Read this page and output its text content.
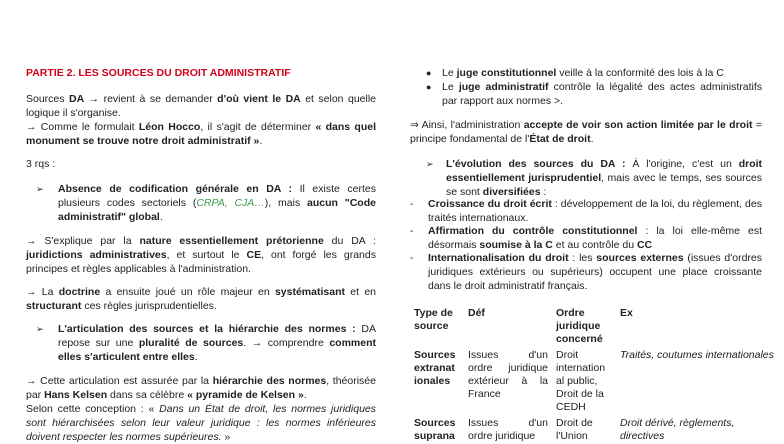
PARTIE 2. LES SOURCES DU DROIT ADMINISTRATIF
Sources DA → revient à se demander d'où vient le DA et selon quelle logique il s'organise.
→ Comme le formulait Léon Hocco, il s'agit de déterminer « dans quel monument se trouve notre droit administratif ».
3 rqs :
➢ Absence de codification générale en DA : Il existe certes plusieurs codes sectoriels (CRPA, CJA…), mais aucun "Code administratif" global.
→ S'explique par la nature essentiellement prétorienne du DA : juridictions administratives, et surtout le CE, ont forgé les grands principes et règles applicables à l'administration.
→ La doctrine a ensuite joué un rôle majeur en systématisant et en structurant ces règles jurisprudentielles.
➢ L'articulation des sources et la hiérarchie des normes : DA repose sur une pluralité de sources. → comprendre comment elles s'articulent entre elles.
→ Cette articulation est assurée par la hiérarchie des normes, théorisée par Hans Kelsen dans sa célèbre « pyramide de Kelsen ».
Selon cette conception : « Dans un État de droit, les normes juridiques sont hiérarchisées selon leur valeur juridique : les normes inférieures doivent respecter les normes supérieures. »
● Le juge constitutionnel veille à la conformité des lois à la C
● Le juge administratif contrôle la légalité des actes administratifs par rapport aux normes >.
⇒ Ainsi, l'administration accepte de voir son action limitée par le droit = principe fondamental de l'État de droit.
➢ L'évolution des sources du DA : À l'origine, c'est un droit essentiellement jurisprudentiel, mais avec le temps, ses sources se sont diversifiées :
- Croissance du droit écrit : développement de la loi, du règlement, des traités internationaux.
- Affirmation du contrôle constitutionnel : la loi elle-même est désormais soumise à la C et au contrôle du CC
- Internationalisation du droit : les sources externes (issues d'ordres juridiques extérieurs ou supérieurs) occupent une place croissante dans le droit administratif français.
Type de source	Déf	Ordre juridique concerné	Ex
Sources extranat ionales	Issues d'un ordre juridique extérieur à la France	Droit internation al public, Droit de la CEDH	Traités, coutumes internationales
Sources suprana	Issues d'un ordre juridique	Droit de l'Union	Droit dérivé, règlements, directives
